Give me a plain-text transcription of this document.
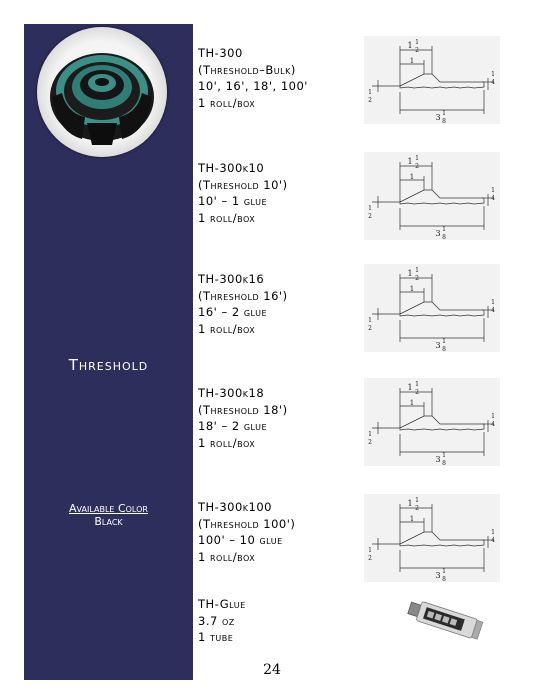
Threshold
Available Color
Black
TH-300
(Threshold–Bulk)
10', 16', 18', 100'
1 roll/box
TH-300k10
(Threshold 10')
10' – 1 glue
1 roll/box
TH-300k16
(Threshold 16')
16' – 2 glue
1 roll/box
TH-300k18
(Threshold 18')
18' – 2 glue
1 roll/box
TH-300k100
(Threshold 100')
100' – 10 glue
1 roll/box
TH-Glue
3.7 oz
1 tube
1 1
2
1
1
4
1
2
3 1
8
1 1
2
1
1
4
1
2
3 1
8
1 1
2
1
1
4
1
2
3 1
8
1 1
2
1
1
4
1
2
3 1
8
1 1
2
1
1
4
1
2
3 1
8
24
